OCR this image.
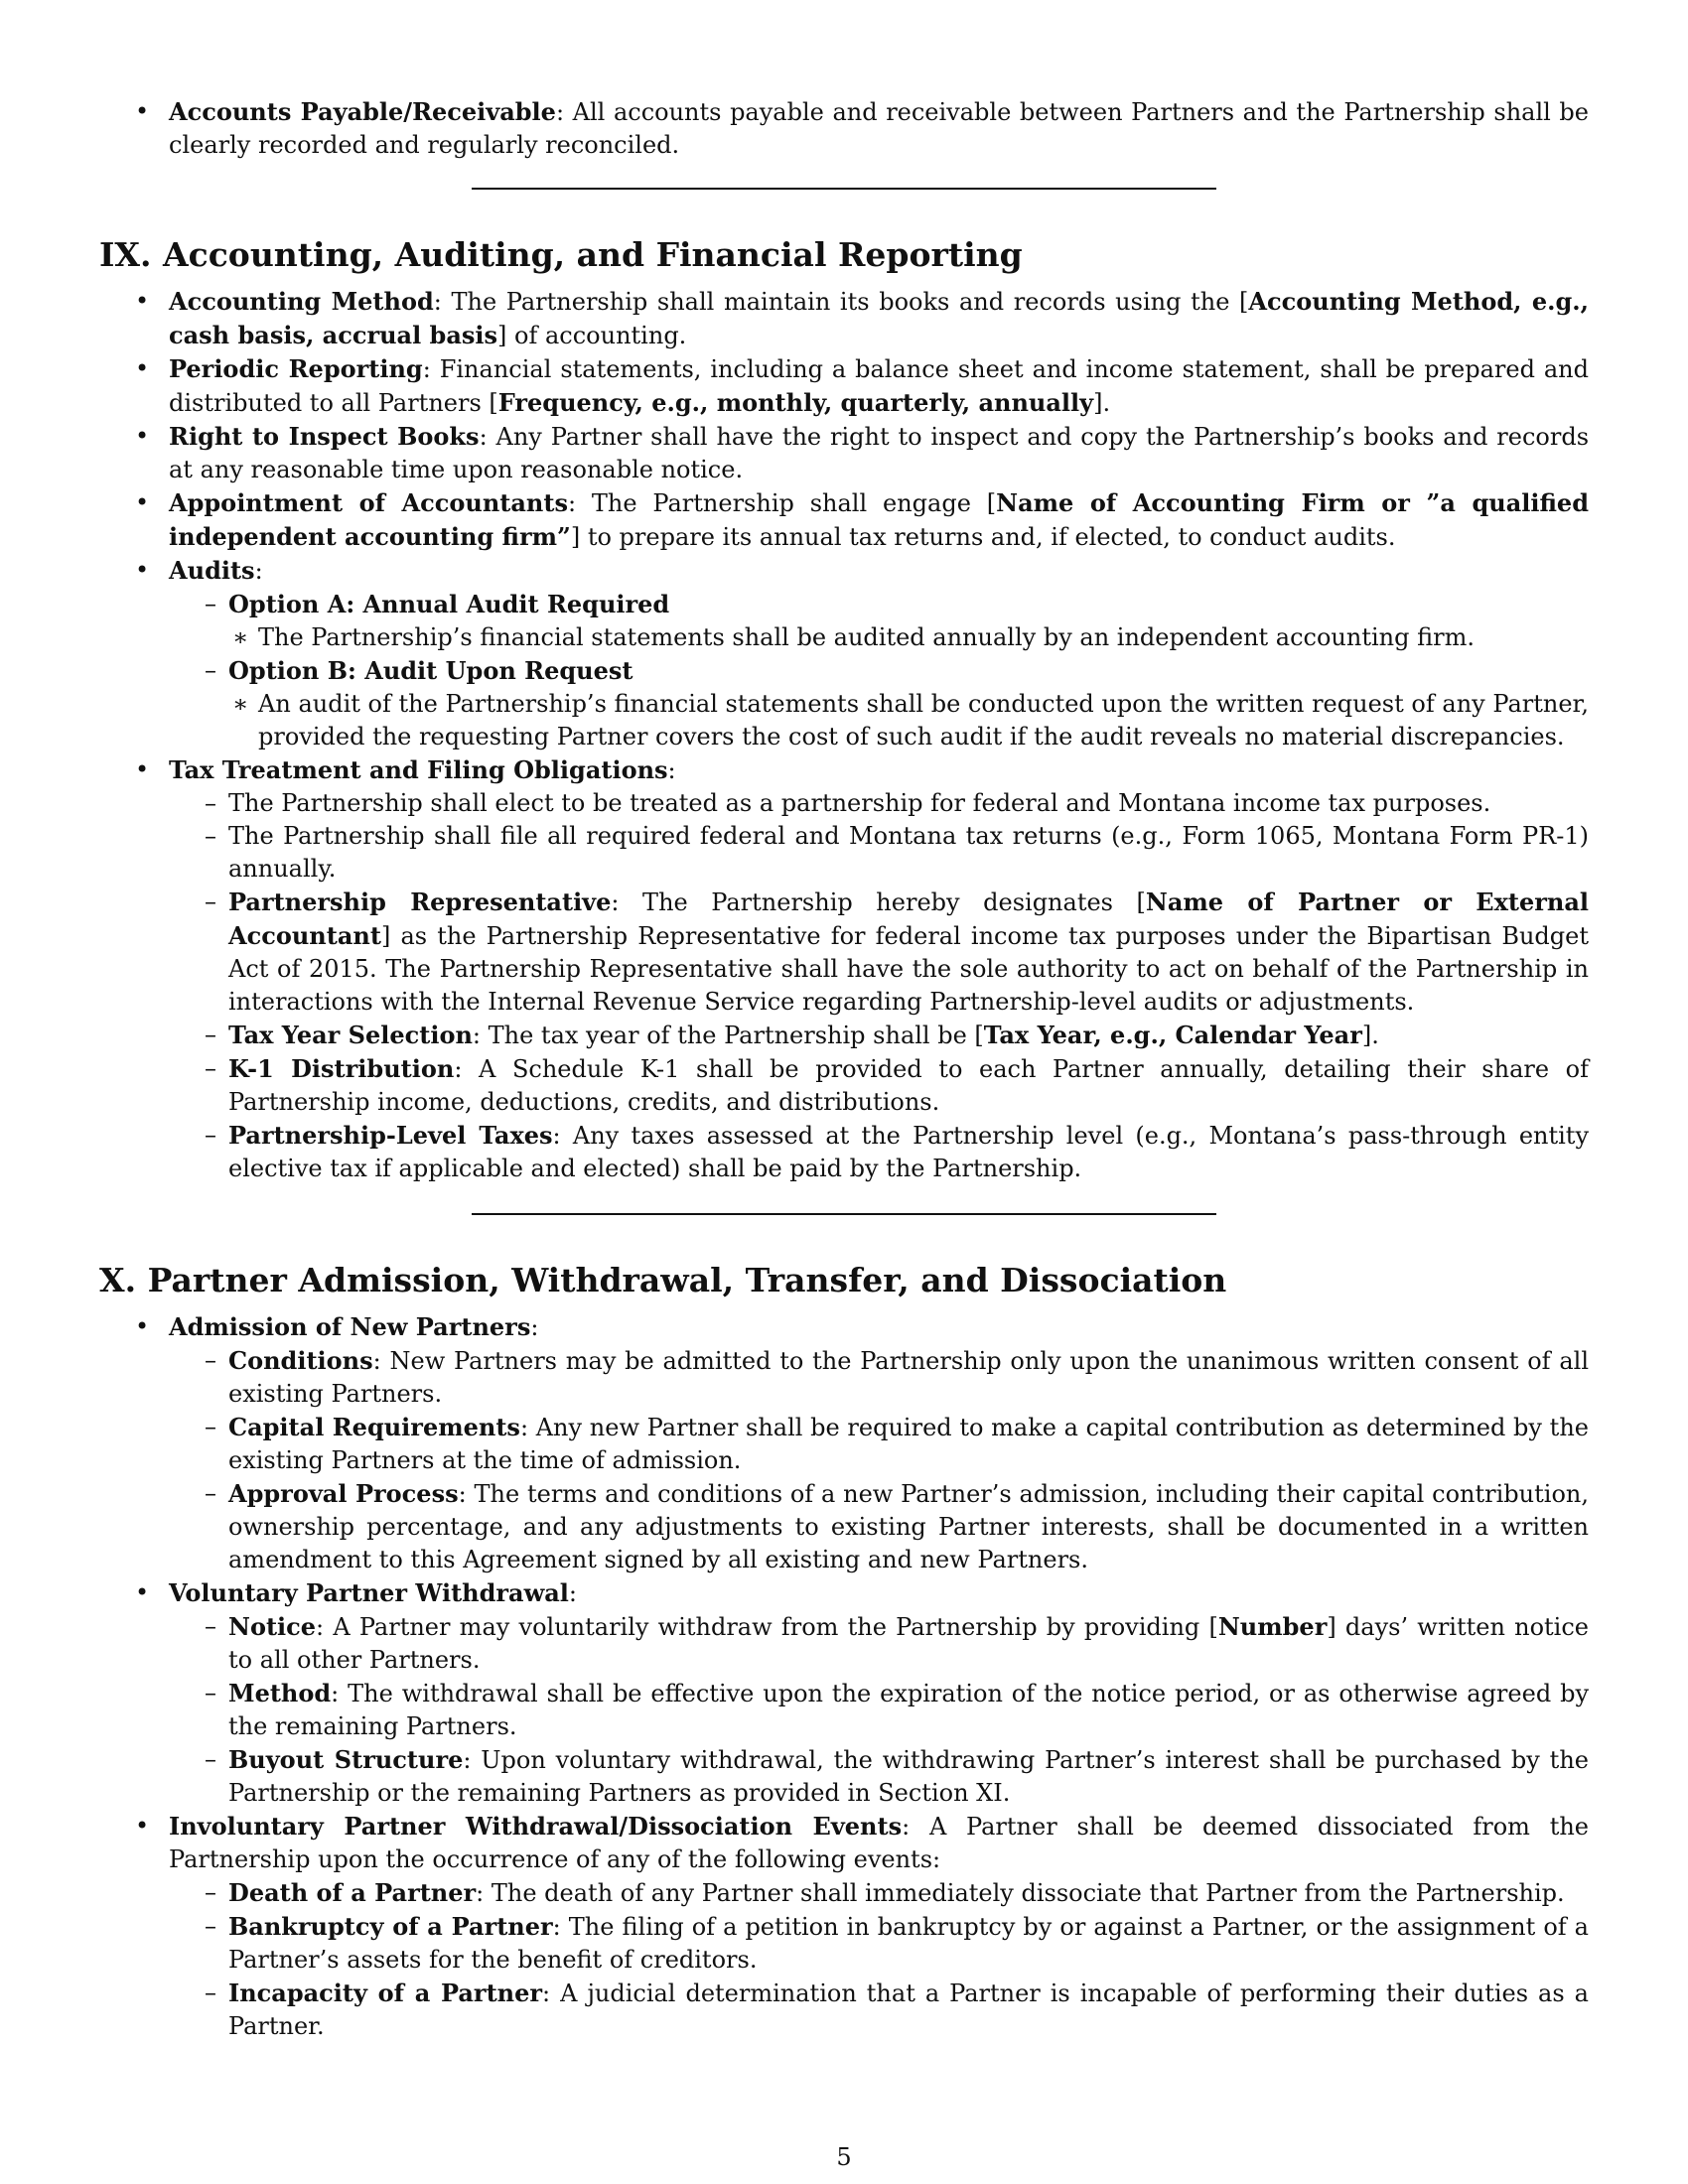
• Accounts Payable/Receivable: All accounts payable and receivable between Partners and the Partnership shall be clearly recorded and regularly reconciled.
IX. Accounting, Auditing, and Financial Reporting
• Accounting Method: The Partnership shall maintain its books and records using the [Accounting Method, e.g., cash basis, accrual basis] of accounting.
• Periodic Reporting: Financial statements, including a balance sheet and income statement, shall be prepared and distributed to all Partners [Frequency, e.g., monthly, quarterly, annually].
• Right to Inspect Books: Any Partner shall have the right to inspect and copy the Partnership’s books and records at any reasonable time upon reasonable notice.
• Appointment of Accountants: The Partnership shall engage [Name of Accounting Firm or ”a qualified independent accounting firm”] to prepare its annual tax returns and, if elected, to conduct audits.
• Audits:
– Option A: Annual Audit Required
∗ The Partnership’s financial statements shall be audited annually by an independent accounting firm.
– Option B: Audit Upon Request
∗ An audit of the Partnership’s financial statements shall be conducted upon the written request of any Partner, provided the requesting Partner covers the cost of such audit if the audit reveals no material discrepancies.
• Tax Treatment and Filing Obligations:
– The Partnership shall elect to be treated as a partnership for federal and Montana income tax purposes.
– The Partnership shall file all required federal and Montana tax returns (e.g., Form 1065, Montana Form PR-1) annually.
– Partnership Representative: The Partnership hereby designates [Name of Partner or External Accountant] as the Partnership Representative for federal income tax purposes under the Bipartisan Budget Act of 2015. The Partnership Representative shall have the sole authority to act on behalf of the Partnership in interactions with the Internal Revenue Service regarding Partnership-level audits or adjustments.
– Tax Year Selection: The tax year of the Partnership shall be [Tax Year, e.g., Calendar Year].
– K-1 Distribution: A Schedule K-1 shall be provided to each Partner annually, detailing their share of Partnership income, deductions, credits, and distributions.
– Partnership-Level Taxes: Any taxes assessed at the Partnership level (e.g., Montana’s pass-through entity elective tax if applicable and elected) shall be paid by the Partnership.
X. Partner Admission, Withdrawal, Transfer, and Dissociation
• Admission of New Partners:
– Conditions: New Partners may be admitted to the Partnership only upon the unanimous written consent of all existing Partners.
– Capital Requirements: Any new Partner shall be required to make a capital contribution as determined by the existing Partners at the time of admission.
– Approval Process: The terms and conditions of a new Partner’s admission, including their capital contribution, ownership percentage, and any adjustments to existing Partner interests, shall be documented in a written amendment to this Agreement signed by all existing and new Partners.
• Voluntary Partner Withdrawal:
– Notice: A Partner may voluntarily withdraw from the Partnership by providing [Number] days’ written notice to all other Partners.
– Method: The withdrawal shall be effective upon the expiration of the notice period, or as otherwise agreed by the remaining Partners.
– Buyout Structure: Upon voluntary withdrawal, the withdrawing Partner’s interest shall be purchased by the Partnership or the remaining Partners as provided in Section XI.
• Involuntary Partner Withdrawal/Dissociation Events: A Partner shall be deemed dissociated from the Partnership upon the occurrence of any of the following events:
– Death of a Partner: The death of any Partner shall immediately dissociate that Partner from the Partnership.
– Bankruptcy of a Partner: The filing of a petition in bankruptcy by or against a Partner, or the assignment of a Partner’s assets for the benefit of creditors.
– Incapacity of a Partner: A judicial determination that a Partner is incapable of performing their duties as a Partner.
5
